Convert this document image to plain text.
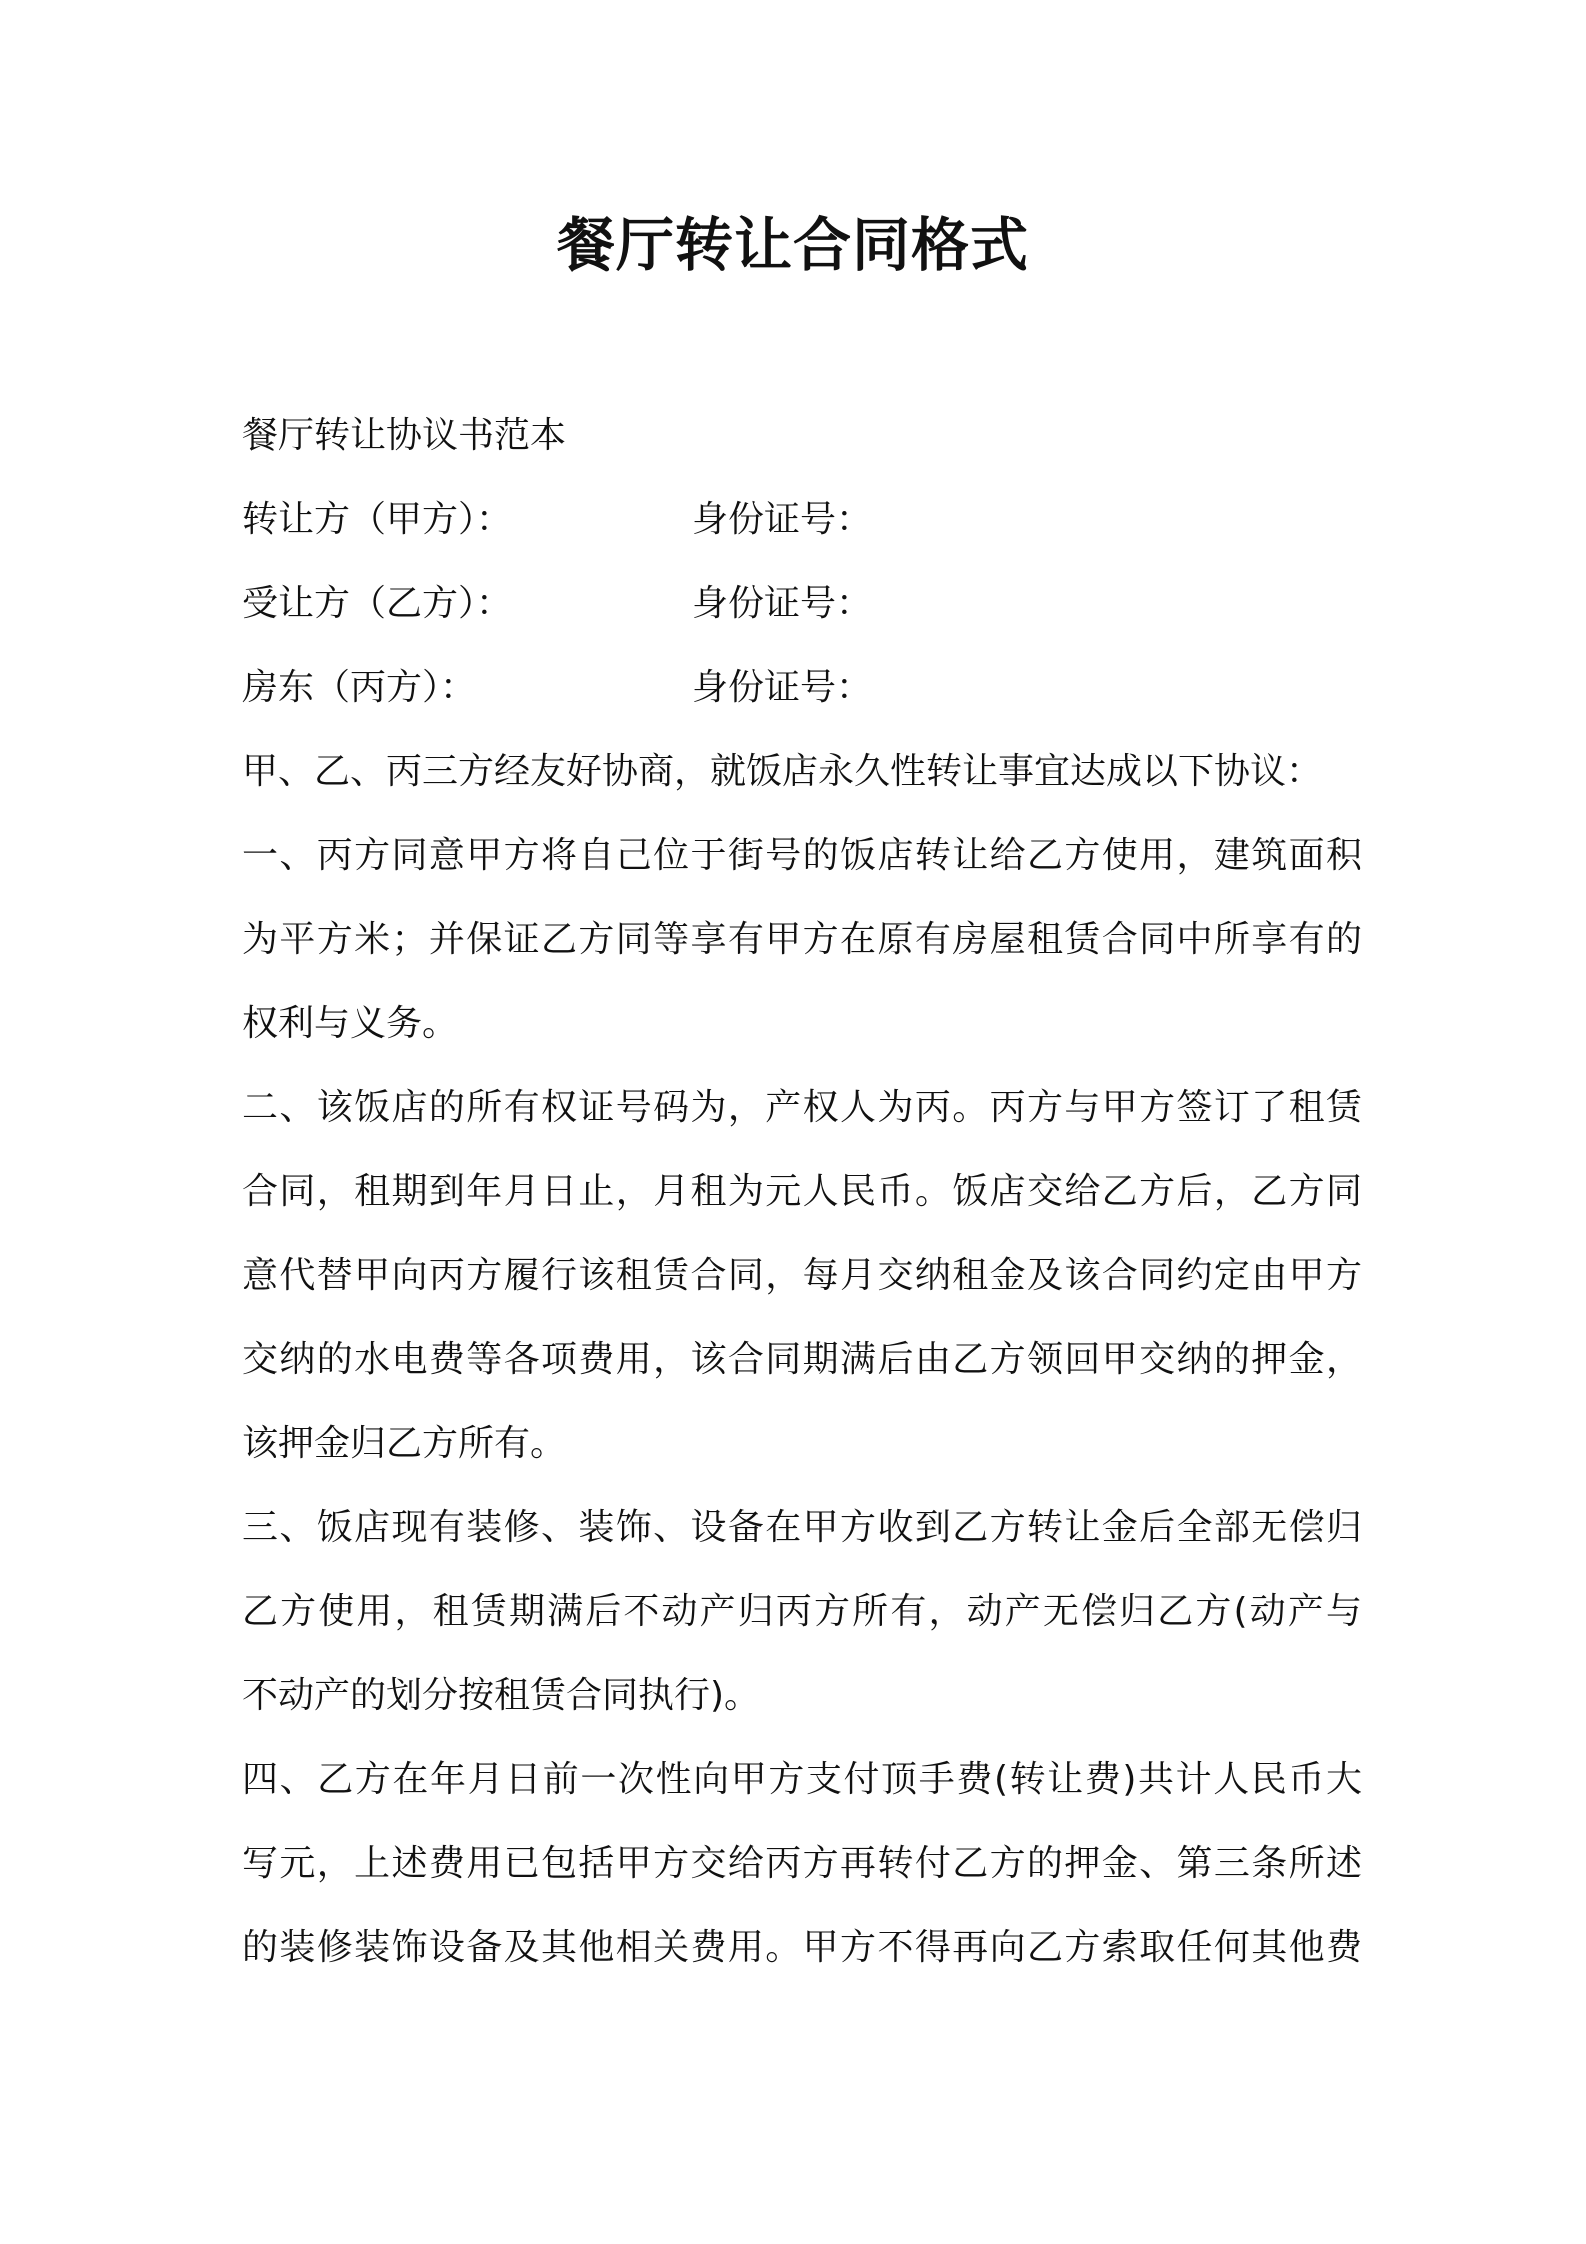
餐厅转让合同格式
餐厅转让协议书范本
转让方（甲方）：	身份证号：
受让方（乙方）：	身份证号：
房东（丙方）：	身份证号：
甲、乙、丙三方经友好协商，就饭店永久性转让事宜达成以下协议：
一、丙方同意甲方将自己位于街号的饭店转让给乙方使用，建筑面积
为平方米；并保证乙方同等享有甲方在原有房屋租赁合同中所享有的
权利与义务。
二、该饭店的所有权证号码为，产权人为丙。丙方与甲方签订了租赁
合同，租期到年月日止，月租为元人民币。饭店交给乙方后，乙方同
意代替甲向丙方履行该租赁合同，每月交纳租金及该合同约定由甲方
交纳的水电费等各项费用，该合同期满后由乙方领回甲交纳的押金，
该押金归乙方所有。
三、饭店现有装修、装饰、设备在甲方收到乙方转让金后全部无偿归
乙方使用，租赁期满后不动产归丙方所有，动产无偿归乙方(动产与
不动产的划分按租赁合同执行)。
四、乙方在年月日前一次性向甲方支付顶手费(转让费)共计人民币大
写元，上述费用已包括甲方交给丙方再转付乙方的押金、第三条所述
的装修装饰设备及其他相关费用。甲方不得再向乙方索取任何其他费
